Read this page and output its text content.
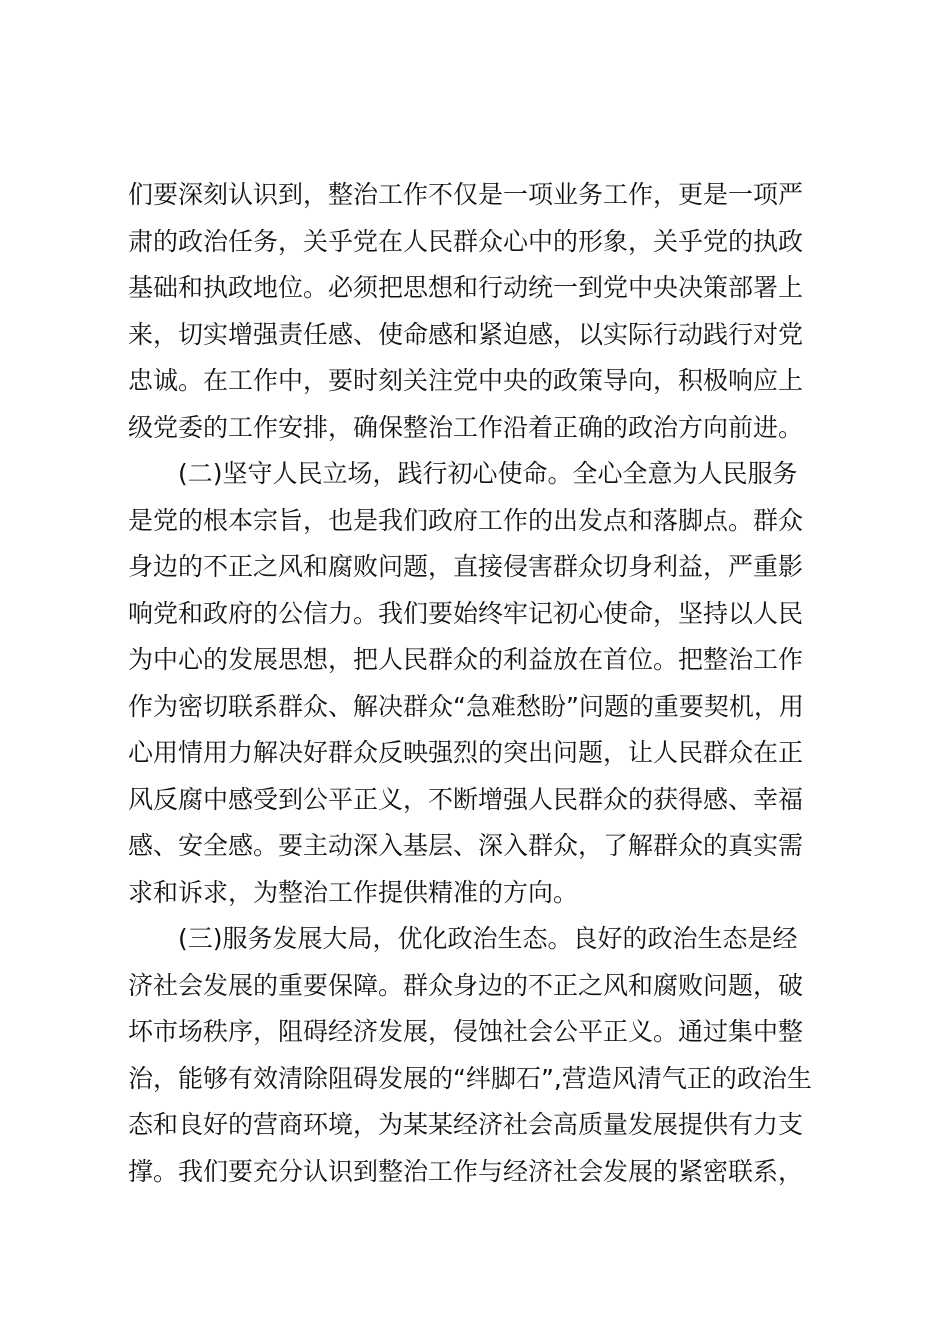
们要深刻认识到，整治工作不仅是一项业务工作，更是一项严
肃的政治任务，关乎党在人民群众心中的形象，关乎党的执政
基础和执政地位。必须把思想和行动统一到党中央决策部署上
来，切实增强责任感、使命感和紧迫感，以实际行动践行对党
忠诚。在工作中，要时刻关注党中央的政策导向，积极响应上
级党委的工作安排，确保整治工作沿着正确的政治方向前进。
(二)坚守人民立场，践行初心使命。全心全意为人民服务
是党的根本宗旨，也是我们政府工作的出发点和落脚点。群众
身边的不正之风和腐败问题，直接侵害群众切身利益，严重影
响党和政府的公信力。我们要始终牢记初心使命，坚持以人民
为中心的发展思想，把人民群众的利益放在首位。把整治工作
作为密切联系群众、解决群众“急难愁盼”问题的重要契机，用
心用情用力解决好群众反映强烈的突出问题，让人民群众在正
风反腐中感受到公平正义，不断增强人民群众的获得感、幸福
感、安全感。要主动深入基层、深入群众，了解群众的真实需
求和诉求，为整治工作提供精准的方向。
(三)服务发展大局，优化政治生态。良好的政治生态是经
济社会发展的重要保障。群众身边的不正之风和腐败问题，破
坏市场秩序，阻碍经济发展，侵蚀社会公平正义。通过集中整
治，能够有效清除阻碍发展的“绊脚石”,营造风清气正的政治生
态和良好的营商环境，为某某经济社会高质量发展提供有力支
撑。我们要充分认识到整治工作与经济社会发展的紧密联系，
